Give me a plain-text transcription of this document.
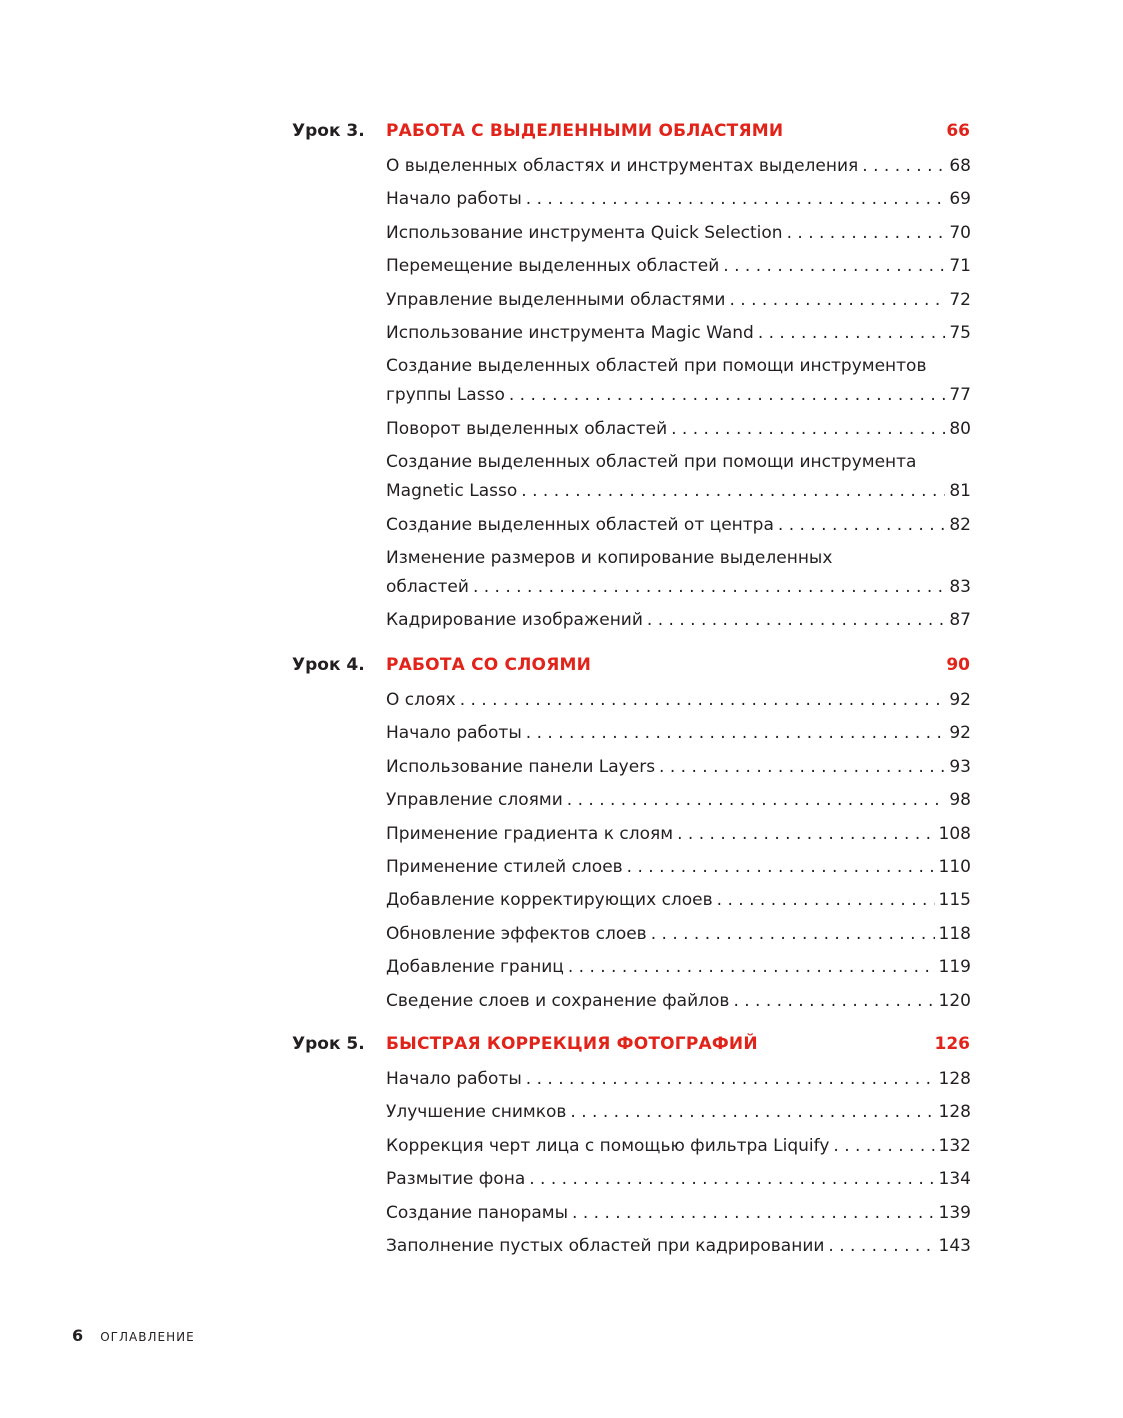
Урок 3. РАБОТА С ВЫДЕЛЕННЫМИ ОБЛАСТЯМИ	66
О выделенных областях и инструментах выделения . . .	68
Начало работы . . .	69
Использование инструмента Quick Selection . . .	70
Перемещение выделенных областей . . .	71
Управление выделенными областями . . .	72
Использование инструмента Magic Wand . . .	75
Создание выделенных областей при помощи инструментов
группы Lasso . . .	77
Поворот выделенных областей . . .	80
Создание выделенных областей при помощи инструмента
Magnetic Lasso . . .	81
Создание выделенных областей от центра . . .	82
Изменение размеров и копирование выделенных
областей . . .	83
Кадрирование изображений . . .	87
Урок 4. РАБОТА СО СЛОЯМИ	90
О слоях . . .	92
Начало работы . . .	92
Использование панели Layers . . .	93
Управление слоями . . .	98
Применение градиента к слоям . . .	108
Применение стилей слоев . . .	110
Добавление корректирующих слоев . . .	115
Обновление эффектов слоев . . .	118
Добавление границ . . .	119
Сведение слоев и сохранение файлов . . .	120
Урок 5. БЫСТРАЯ КОРРЕКЦИЯ ФОТОГРАФИЙ	126
Начало работы . . .	128
Улучшение снимков . . .	128
Коррекция черт лица с помощью фильтра Liquify . . .	132
Размытие фона . . .	134
Создание панорамы . . .	139
Заполнение пустых областей при кадрировании . . .	143
6 ОГЛАВЛЕНИЕ
